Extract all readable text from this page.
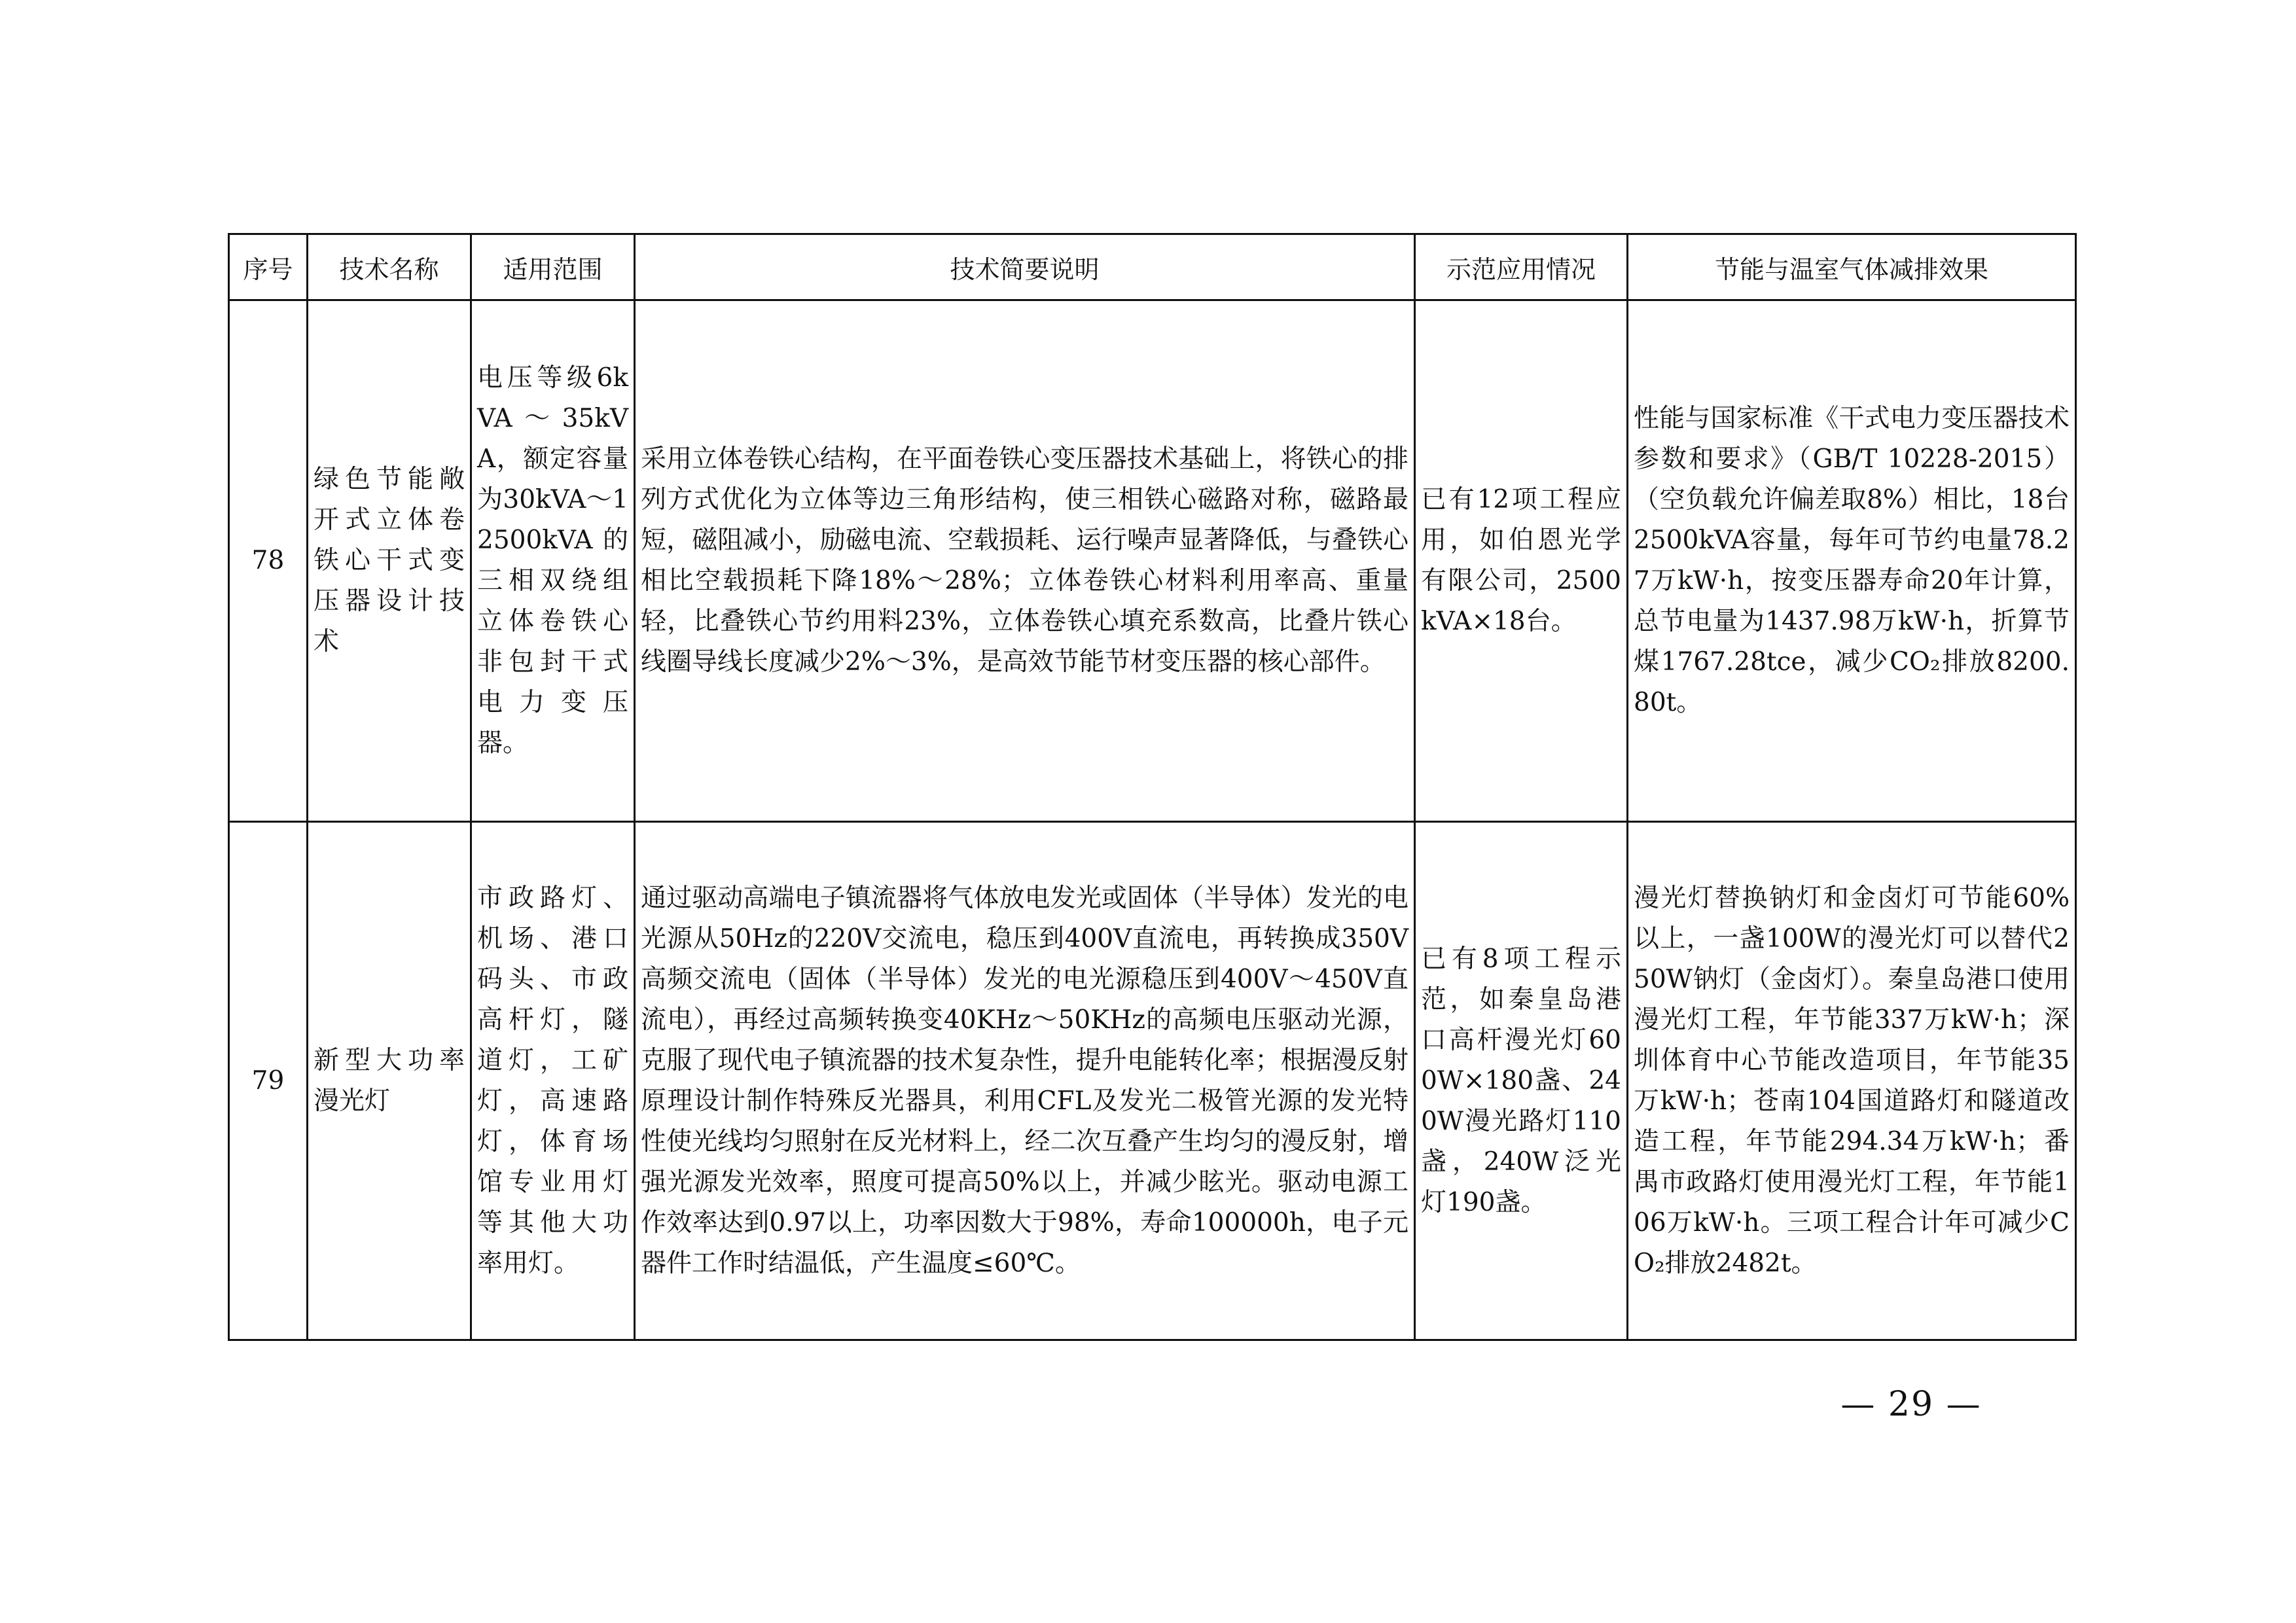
序号	技术名称	适用范围	技术简要说明	示范应用情况	节能与温室气体减排效果

78	绿色节能敞开式立体卷铁心干式变压器设计技术	电压等级6kVA～35kVA，额定容量为30kVA～12500kVA的三相双绕组立体卷铁心非包封干式电力变压器。	采用立体卷铁心结构，在平面卷铁心变压器技术基础上，将铁心的排列方式优化为立体等边三角形结构，使三相铁心磁路对称，磁路最短，磁阻减小，励磁电流、空载损耗、运行噪声显著降低，与叠铁心相比空载损耗下降18%～28%；立体卷铁心材料利用率高、重量轻，比叠铁心节约用料23%，立体卷铁心填充系数高，比叠片铁心线圈导线长度减少2%～3%，是高效节能节材变压器的核心部件。	已有12项工程应用，如伯恩光学有限公司，2500kVA×18台。	性能与国家标准《干式电力变压器技术参数和要求》（GB/T 10228-2015）（空负载允许偏差取8%）相比，18台2500kVA容量，每年可节约电量78.27万kW·h，按变压器寿命20年计算，总节电量为1437.98万kW·h，折算节煤1767.28tce，减少CO₂排放8200.80t。

79	新型大功率漫光灯	市政路灯、机场、港口码头、市政高杆灯，隧道灯，工矿灯，高速路灯，体育场馆专业用灯等其他大功率用灯。	通过驱动高端电子镇流器将气体放电发光或固体（半导体）发光的电光源从50Hz的220V交流电，稳压到400V直流电，再转换成350V高频交流电（固体（半导体）发光的电光源稳压到400V～450V直流电），再经过高频转换变40KHz～50KHz的高频电压驱动光源，克服了现代电子镇流器的技术复杂性，提升电能转化率；根据漫反射原理设计制作特殊反光器具，利用CFL及发光二极管光源的发光特性使光线均匀照射在反光材料上，经二次互叠产生均匀的漫反射，增强光源发光效率，照度可提高50%以上，并减少眩光。驱动电源工作效率达到0.97以上，功率因数大于98%，寿命100000h，电子元器件工作时结温低，产生温度≤60℃。	已有8项工程示范，如秦皇岛港口高杆漫光灯600W×180盏、240W漫光路灯110盏，240W泛光灯190盏。	漫光灯替换钠灯和金卤灯可节能60%以上，一盏100W的漫光灯可以替代250W钠灯（金卤灯）。秦皇岛港口使用漫光灯工程，年节能337万kW·h；深圳体育中心节能改造项目，年节能35万kW·h；苍南104国道路灯和隧道改造工程，年节能294.34万kW·h；番禺市政路灯使用漫光灯工程，年节能106万kW·h。三项工程合计年可减少CO₂排放2482t。
— 29 —
